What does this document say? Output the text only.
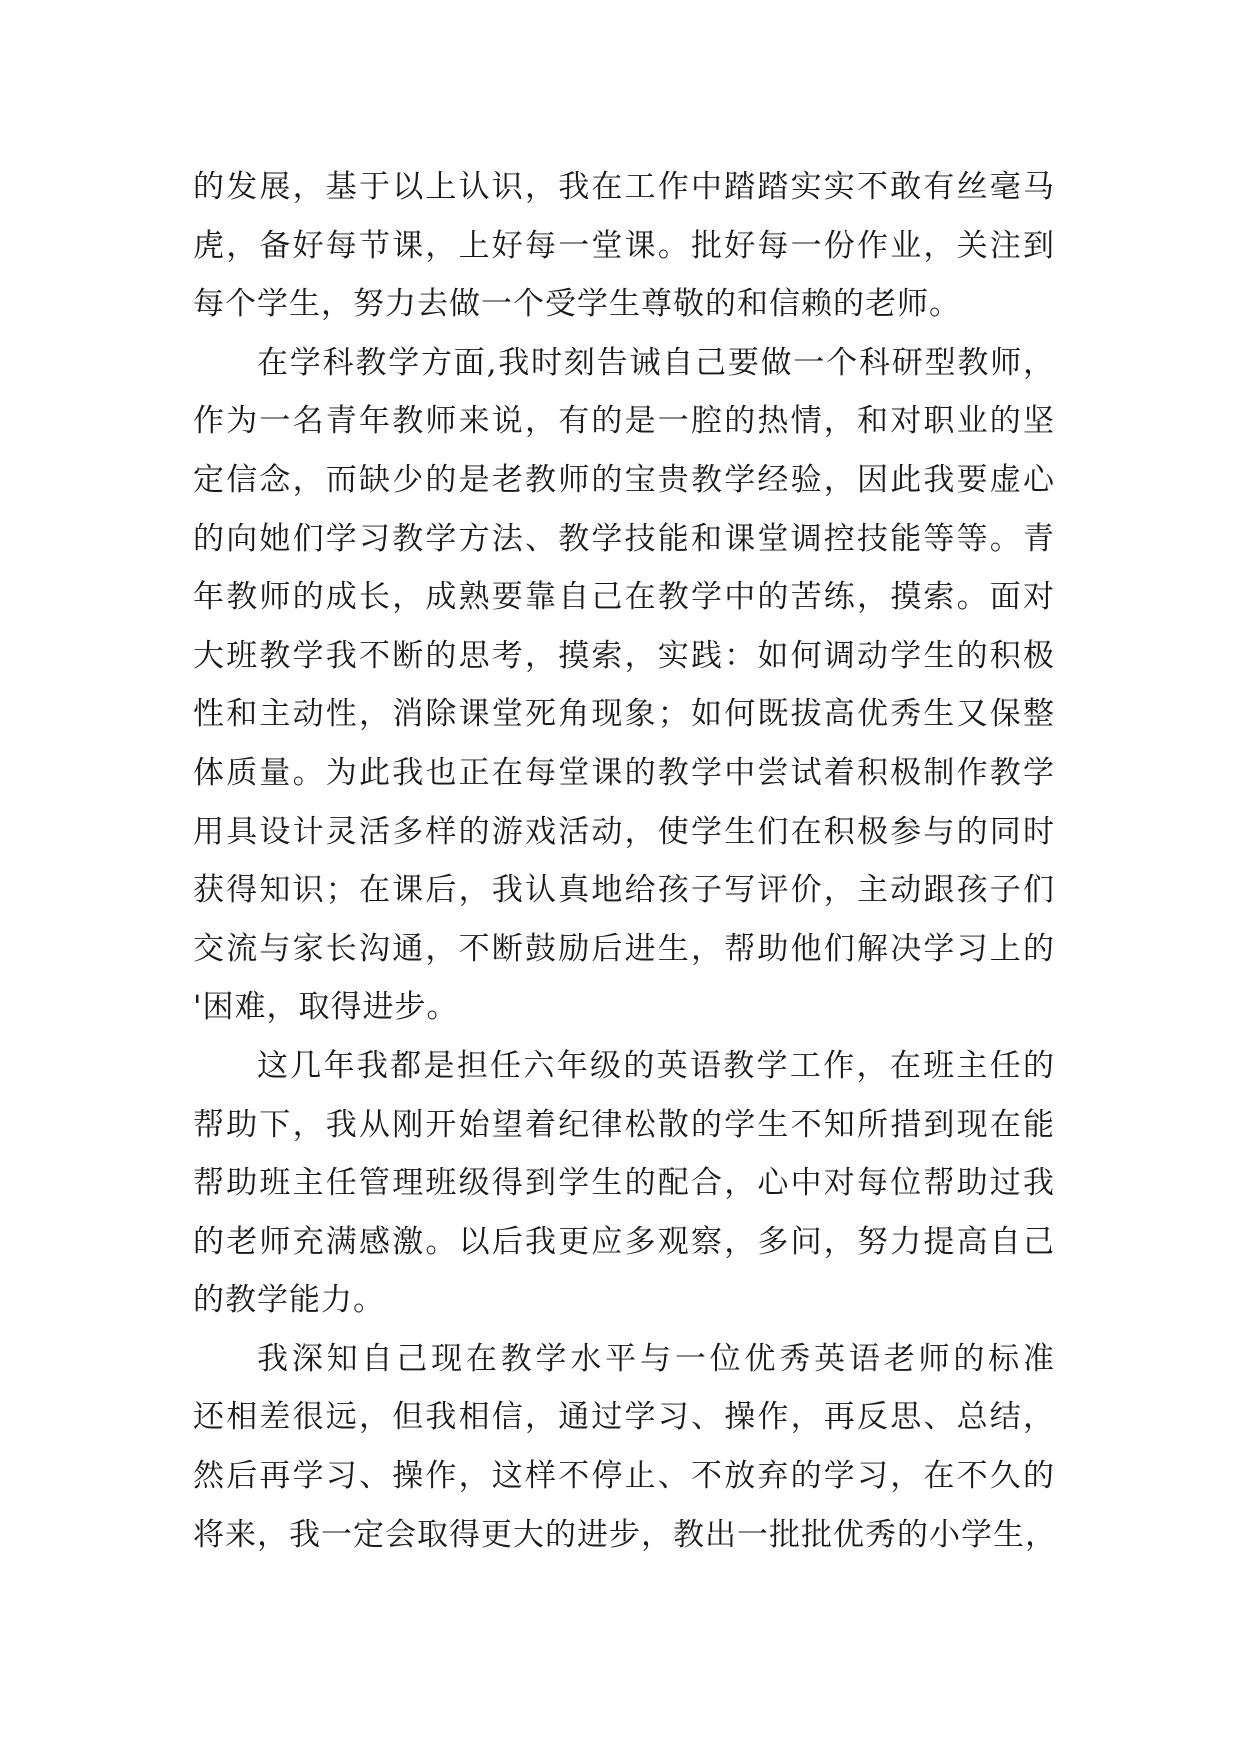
的发展，基于以上认识，我在工作中踏踏实实不敢有丝毫马
虎，备好每节课，上好每一堂课。批好每一份作业，关注到
每个学生，努力去做一个受学生尊敬的和信赖的老师。
在学科教学方面,我时刻告诫自己要做一个科研型教师，
作为一名青年教师来说，有的是一腔的热情，和对职业的坚
定信念，而缺少的是老教师的宝贵教学经验，因此我要虚心
的向她们学习教学方法、教学技能和课堂调控技能等等。青
年教师的成长，成熟要靠自己在教学中的苦练，摸索。面对
大班教学我不断的思考，摸索，实践：如何调动学生的积极
性和主动性，消除课堂死角现象；如何既拔高优秀生又保整
体质量。为此我也正在每堂课的教学中尝试着积极制作教学
用具设计灵活多样的游戏活动，使学生们在积极参与的同时
获得知识；在课后，我认真地给孩子写评价，主动跟孩子们
交流与家长沟通，不断鼓励后进生，帮助他们解决学习上的
'困难，取得进步。
这几年我都是担任六年级的英语教学工作，在班主任的
帮助下，我从刚开始望着纪律松散的学生不知所措到现在能
帮助班主任管理班级得到学生的配合，心中对每位帮助过我
的老师充满感激。以后我更应多观察，多问，努力提高自己
的教学能力。
我深知自己现在教学水平与一位优秀英语老师的标准
还相差很远，但我相信，通过学习、操作，再反思、总结，
然后再学习、操作，这样不停止、不放弃的学习，在不久的
将来，我一定会取得更大的进步，教出一批批优秀的小学生，
